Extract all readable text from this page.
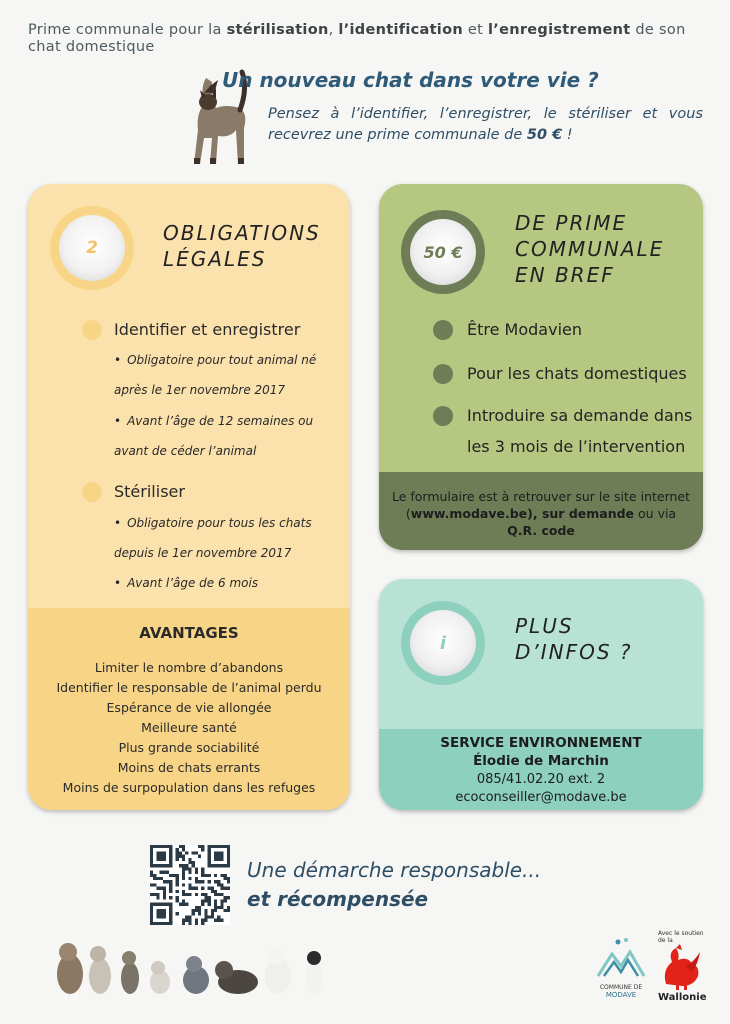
Prime communale pour la stérilisation, l’identification et l’enregistrement de son chat domestique
Un nouveau chat dans votre vie ?
Pensez à l’identifier, l’enregistrer, le stériliser et vous recevrez une prime communale de 50 € !
2
OBLIGATIONS
LÉGALES
Identifier et enregistrer
• Obligatoire pour tout animal né après le 1er novembre 2017
• Avant l’âge de 12 semaines ou avant de céder l’animal
Stériliser
• Obligatoire pour tous les chats depuis le 1er novembre 2017
• Avant l’âge de 6 mois
AVANTAGES
Limiter le nombre d’abandons
Identifier le responsable de l’animal perdu
Espérance de vie allongée
Meilleure santé
Plus grande sociabilité
Moins de chats errants
Moins de surpopulation dans les refuges
50 €
DE PRIME
COMMUNALE
EN BREF
Être Modavien
Pour les chats domestiques
Introduire sa demande dans les 3 mois de l’intervention
Le formulaire est à retrouver sur le site internet (www.modave.be), sur demande ou via Q.R. code
i
PLUS
D’INFOS ?
SERVICE ENVIRONNEMENT
Élodie de Marchin
085/41.02.20 ext. 2
ecoconseiller@modave.be
Une démarche responsable...
et récompensée
COMMUNE DE
MODAVE
Avec le soutien de la
Wallonie
